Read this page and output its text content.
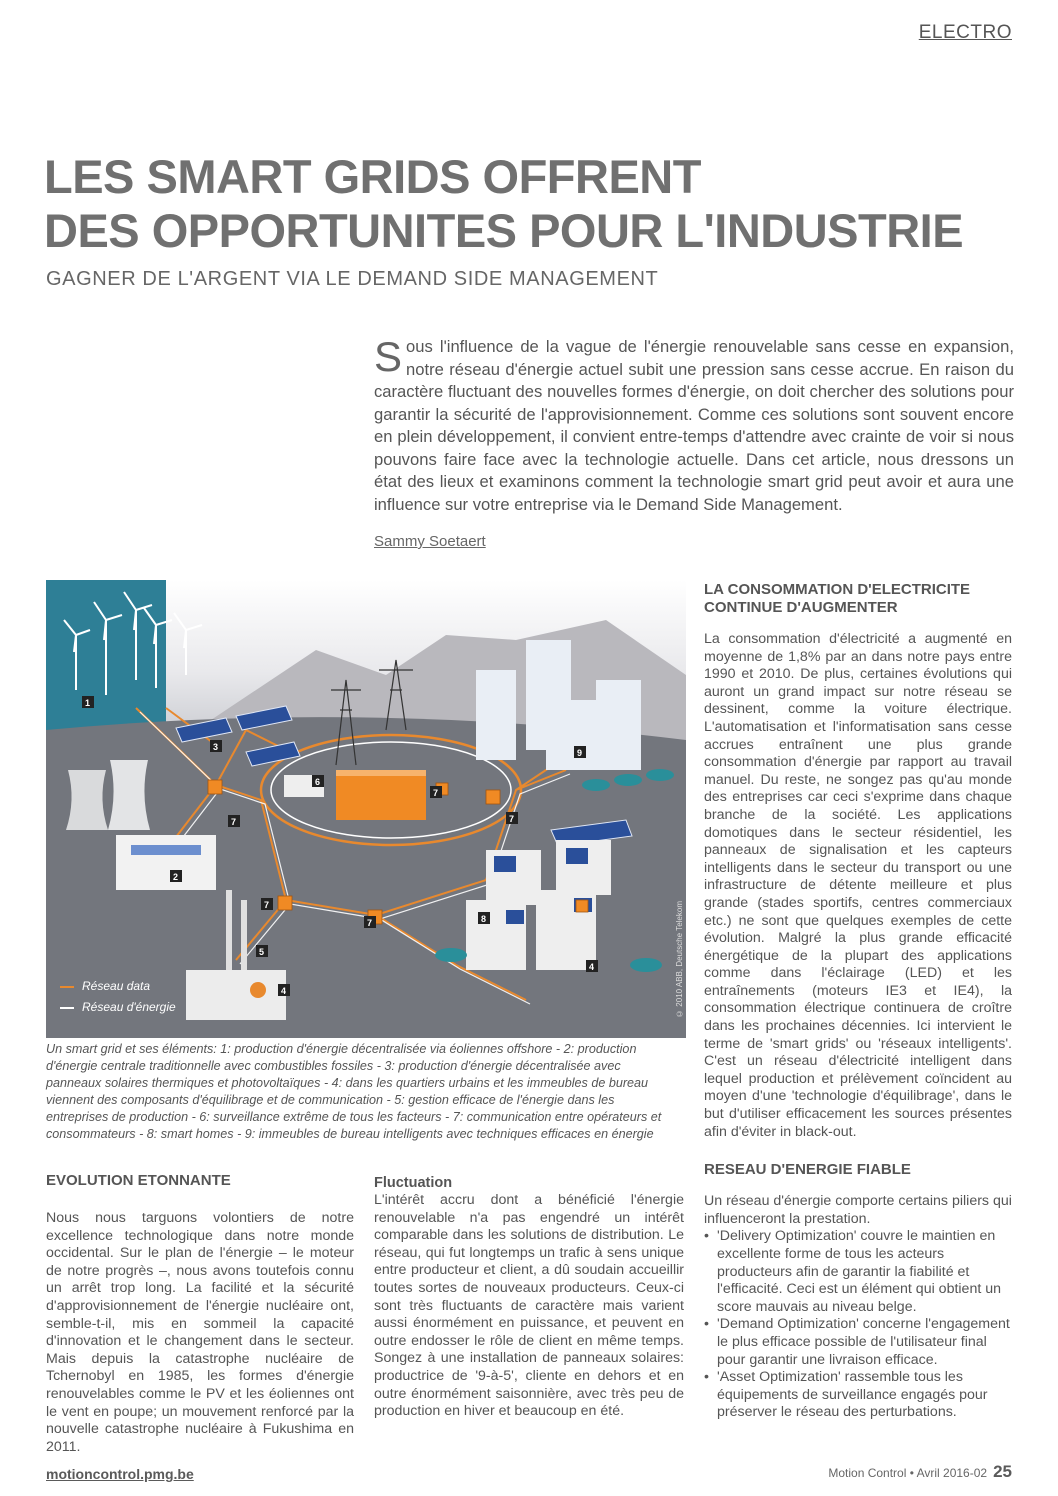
ELECTRO
LES SMART GRIDS OFFRENT
DES OPPORTUNITES POUR L'INDUSTRIE
GAGNER DE L'ARGENT VIA LE DEMAND SIDE MANAGEMENT
Sous l'influence de la vague de l'énergie renouvelable sans cesse en expansion, notre réseau d'énergie actuel subit une pression sans cesse accrue. En raison du caractère fluctuant des nouvelles formes d'énergie, on doit chercher des solutions pour garantir la sécurité de l'approvisionnement. Comme ces solutions sont souvent encore en plein développement, il convient entre-temps d'attendre avec crainte de voir si nous pouvons faire face avec la technologie actuelle. Dans cet article, nous dressons un état des lieux et examinons comment la technologie smart grid peut avoir et aura une influence sur votre entreprise via le Demand Side Management.
Sammy Soetaert
1
2
3
4
4
5
6
7
7
7
7
7
8
9
Réseau data
Réseau d'énergie	© 2010 ABB, Deutsche Telekom
Un smart grid et ses éléments: 1: production d'énergie décentralisée via éoliennes offshore - 2: production d'énergie centrale traditionnelle avec combustibles fossiles - 3: production d'énergie décentralisée avec panneaux solaires thermiques et photovoltaïques - 4: dans les quartiers urbains et les immeubles de bureau viennent des composants d'équilibrage et de communication - 5: gestion efficace de l'énergie dans les entreprises de production - 6: surveillance extrême de tous les facteurs - 7: communication entre opérateurs et consommateurs - 8: smart homes - 9: immeubles de bureau intelligents avec techniques efficaces en énergie
EVOLUTION ETONNANTE

Nous nous targuons volontiers de notre excellence technologique dans notre monde occidental. Sur le plan de l'énergie – le moteur de notre progrès –, nous avons toutefois connu un arrêt trop long. La facilité et la sécurité d'approvisionnement de l'énergie nucléaire ont, semble-t-il, mis en sommeil la capacité d'innovation et le changement dans le secteur. Mais depuis la catastrophe nucléaire de Tchernobyl en 1985, les formes d'énergie renouvelables comme le PV et les éoliennes ont le vent en poupe; un mouvement renforcé par la nouvelle catastrophe nucléaire à Fukushima en 2011.

Fluctuation

L'intérêt accru dont a bénéficié l'énergie renouvelable n'a pas engendré un intérêt comparable dans les solutions de distribution. Le réseau, qui fut longtemps un trafic à sens unique entre producteur et client, a dû soudain accueillir toutes sortes de nouveaux producteurs. Ceux-ci sont très fluctuants de caractère mais varient aussi énormément en puissance, et peuvent en outre endosser le rôle de client en même temps. Songez à une installation de panneaux solaires: productrice de '9-à-5', cliente en dehors et en outre énormément saisonnière, avec très peu de production en hiver et beaucoup en été.

LA CONSOMMATION D'ELECTRICITE CONTINUE D'AUGMENTER

La consommation d'électricité a augmenté en moyenne de 1,8% par an dans notre pays entre 1990 et 2010. De plus, certaines évolutions qui auront un grand impact sur notre réseau se dessinent, comme la voiture électrique. L'automatisation et l'informatisation sans cesse accrues entraînent une plus grande consommation d'énergie par rapport au travail manuel. Du reste, ne songez pas qu'au monde des entreprises car ceci s'exprime dans chaque branche de la société. Les applications domotiques dans le secteur résidentiel, les panneaux de signalisation et les capteurs intelligents dans le secteur du transport ou une infrastructure de détente meilleure et plus grande (stades sportifs, centres commerciaux etc.) ne sont que quelques exemples de cette évolution. Malgré la plus grande efficacité énergétique de la plupart des applications comme dans l'éclairage (LED) et les entraînements (moteurs IE3 et IE4), la consommation électrique continuera de croître dans les prochaines décennies. Ici intervient le terme de 'smart grids' ou 'réseaux intelligents'. C'est un réseau d'électricité intelligent dans lequel production et prélèvement coïncident au moyen d'une 'technologie d'équilibrage', dans le but d'utiliser efficacement les sources présentes afin d'éviter in black-out.

RESEAU D'ENERGIE FIABLE

Un réseau d'énergie comporte certains piliers qui influenceront la prestation.

• 'Delivery Optimization' couvre le maintien en excellente forme de tous les acteurs producteurs afin de garantir la fiabilité et l'efficacité. Ceci est un élément qui obtient un score mauvais au niveau belge.
• 'Demand Optimization' concerne l'engagement le plus efficace possible de l'utilisateur final pour garantir une livraison efficace.
• 'Asset Optimization' rassemble tous les équipements de surveillance engagés pour préserver le réseau des perturbations.
motioncontrol.pmg.be	Motion Control • Avril 2016-02 25
